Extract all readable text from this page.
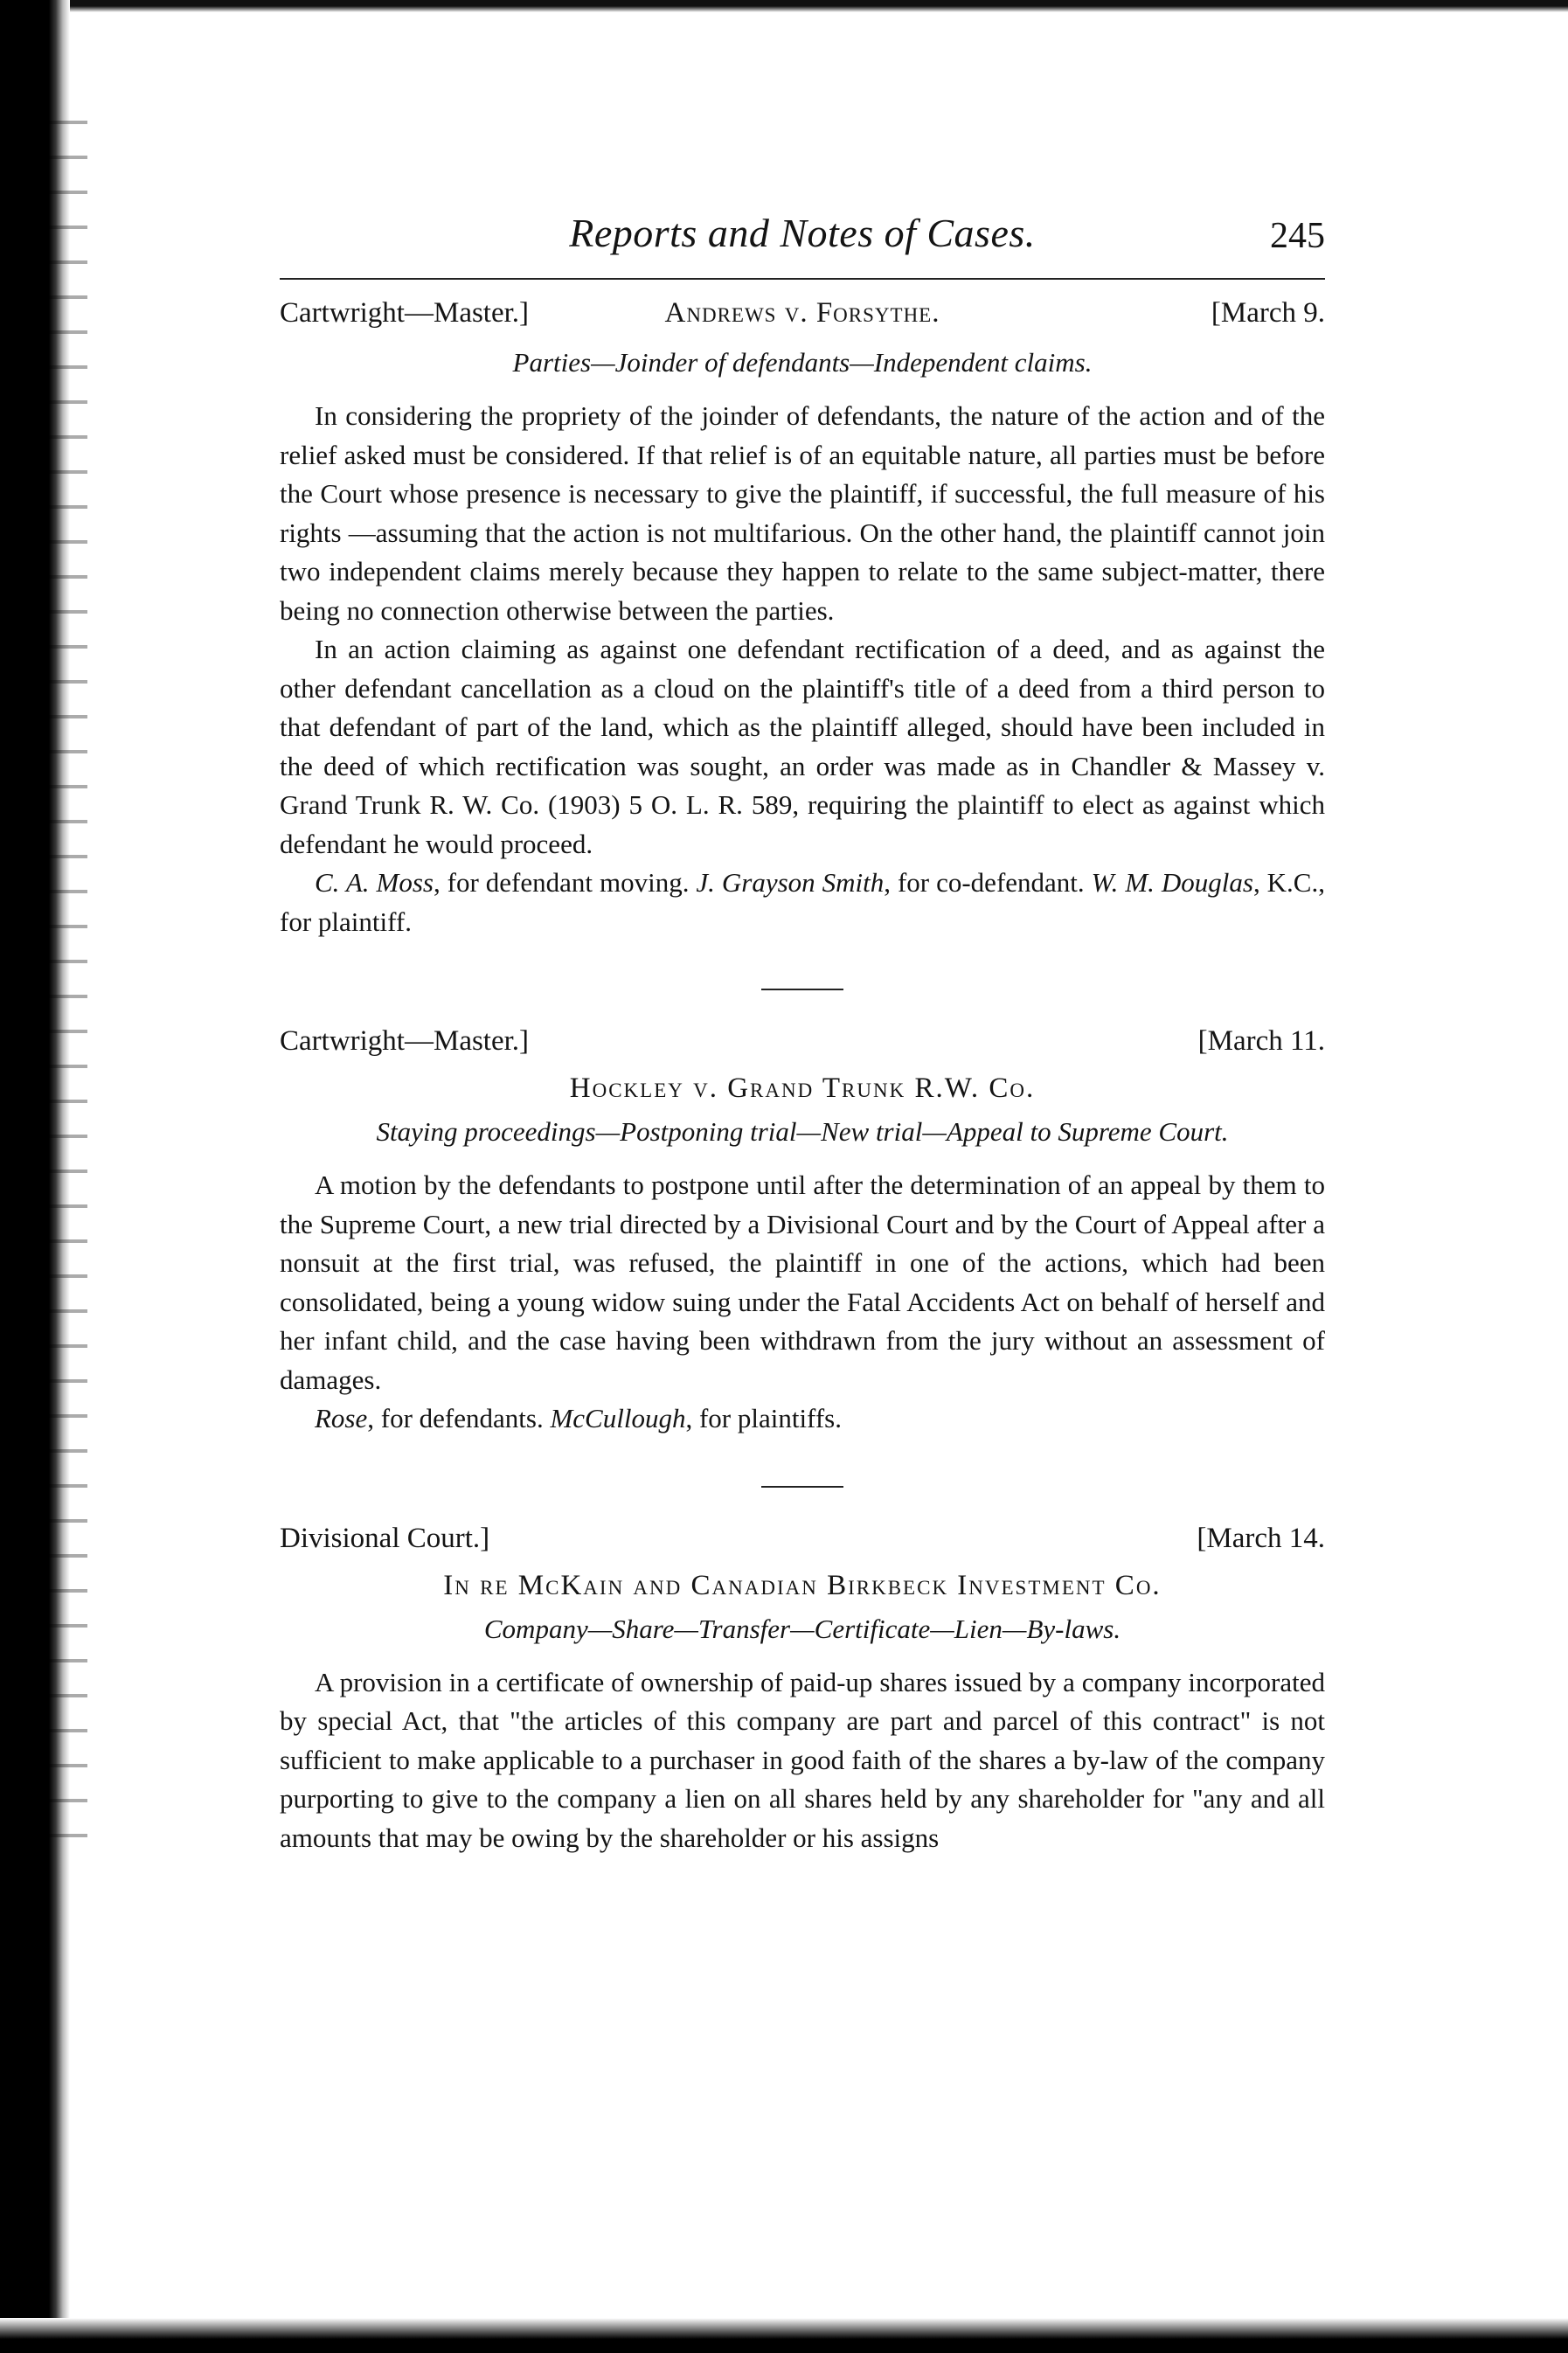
Reports and Notes of Cases.	245
Cartwright—Master.]	Andrews v. Forsythe.	[March 9.

Parties—Joinder of defendants—Independent claims.

In considering the propriety of the joinder of defendants, the nature of the action and of the relief asked must be considered. If that relief is of an equitable nature, all parties must be before the Court whose presence is necessary to give the plaintiff, if successful, the full measure of his rights —assuming that the action is not multifarious. On the other hand, the plaintiff cannot join two independent claims merely because they happen to relate to the same subject-matter, there being no connection otherwise between the parties.

In an action claiming as against one defendant rectification of a deed, and as against the other defendant cancellation as a cloud on the plaintiff's title of a deed from a third person to that defendant of part of the land, which as the plaintiff alleged, should have been included in the deed of which rectification was sought, an order was made as in Chandler & Massey v. Grand Trunk R. W. Co. (1903) 5 O. L. R. 589, requiring the plaintiff to elect as against which defendant he would proceed.

C. A. Moss, for defendant moving. J. Grayson Smith, for co-defendant. W. M. Douglas, K.C., for plaintiff.

Cartwright—Master.]	[March 11.
Hockley v. Grand Trunk R.W. Co.

Staying proceedings—Postponing trial—New trial—Appeal to Supreme Court.

A motion by the defendants to postpone until after the determination of an appeal by them to the Supreme Court, a new trial directed by a Divisional Court and by the Court of Appeal after a nonsuit at the first trial, was refused, the plaintiff in one of the actions, which had been consolidated, being a young widow suing under the Fatal Accidents Act on behalf of herself and her infant child, and the case having been withdrawn from the jury without an assessment of damages.

Rose, for defendants. McCullough, for plaintiffs.

Divisional Court.]	[March 14.
In re McKain and Canadian Birkbeck Investment Co.

Company—Share—Transfer—Certificate—Lien—By-laws.

A provision in a certificate of ownership of paid-up shares issued by a company incorporated by special Act, that "the articles of this company are part and parcel of this contract" is not sufficient to make applicable to a purchaser in good faith of the shares a by-law of the company purporting to give to the company a lien on all shares held by any shareholder for "any and all amounts that may be owing by the shareholder or his assigns
